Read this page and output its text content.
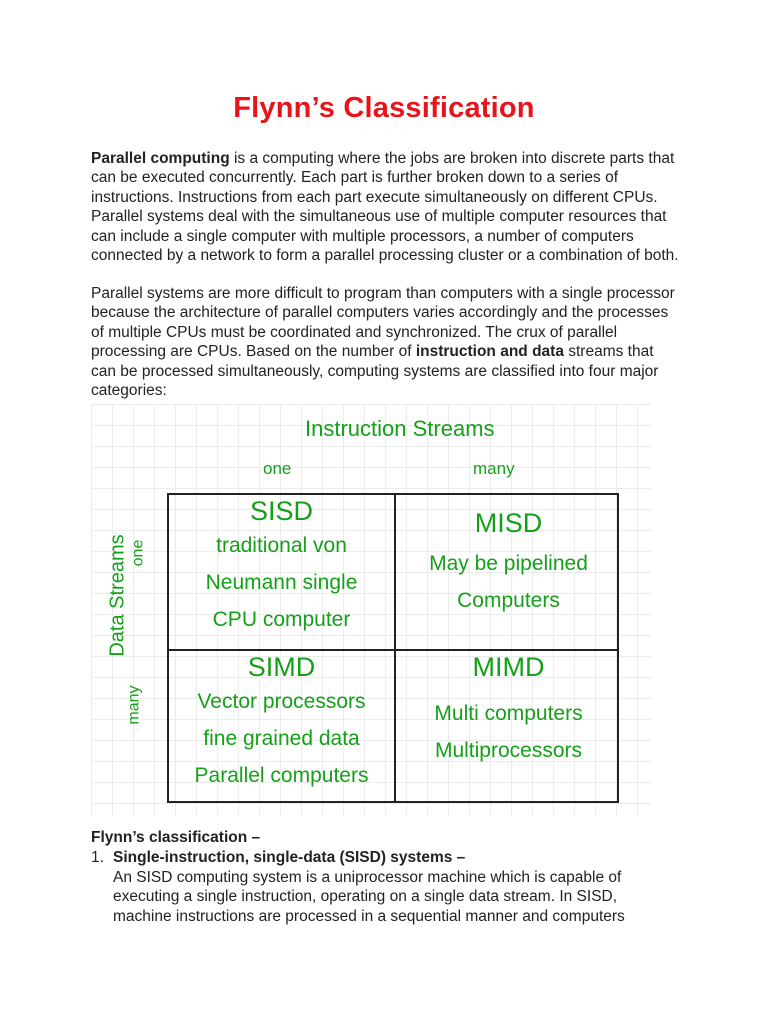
Flynn’s Classification
Parallel computing is a computing where the jobs are broken into discrete parts that can be executed concurrently. Each part is further broken down to a series of instructions. Instructions from each part execute simultaneously on different CPUs. Parallel systems deal with the simultaneous use of multiple computer resources that can include a single computer with multiple processors, a number of computers connected by a network to form a parallel processing cluster or a combination of both.
Parallel systems are more difficult to program than computers with a single processor because the architecture of parallel computers varies accordingly and the processes of multiple CPUs must be coordinated and synchronized. The crux of parallel processing are CPUs. Based on the number of instruction and data streams that can be processed simultaneously, computing systems are classified into four major categories:
Instruction Streams
one	many
Data Streams one
many
SISD
traditional von
Neumann single
CPU computer
MISD
May be pipelined
Computers
SIMD
Vector processors
fine grained data
Parallel computers
MIMD
Multi computers
Multiprocessors
Flynn’s classification –
1. Single-instruction, single-data (SISD) systems –
An SISD computing system is a uniprocessor machine which is capable of executing a single instruction, operating on a single data stream. In SISD, machine instructions are processed in a sequential manner and computers
